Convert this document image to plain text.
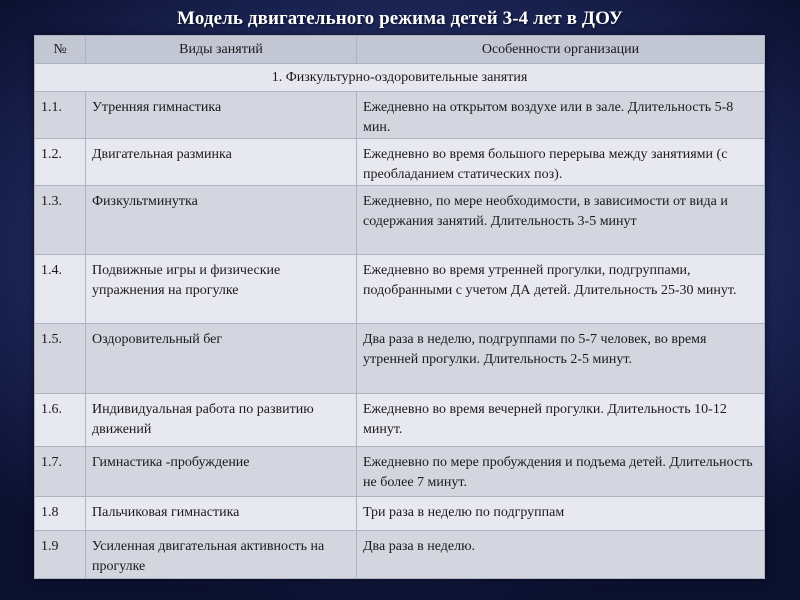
Модель двигательного режима детей 3-4 лет в ДОУ
№	Виды занятий	Особенности организации
1. Физкультурно-оздоровительные занятия		
1.1.	Утренняя гимнастика	Ежедневно на открытом воздухе или в зале. Длительность 5-8 мин.
1.2.	Двигательная разминка	Ежедневно во время большого перерыва между занятиями (с преобладанием статических поз).
1.3.	Физкультминутка	Ежедневно, по мере необходимости, в зависимости от вида и содержания занятий. Длительность 3-5 минут
1.4.	Подвижные игры и физические упражнения на прогулке	Ежедневно во время утренней прогулки, подгруппами, подобранными с учетом ДА детей. Длительность 25-30 минут.
1.5.	Оздоровительный бег	Два раза в неделю, подгруппами по 5-7 человек, во время утренней прогулки. Длительность 2-5 минут.
1.6.	Индивидуальная работа по развитию движений	Ежедневно во время вечерней прогулки. Длительность 10-12 минут.
1.7.	Гимнастика -пробуждение	Ежедневно по мере пробуждения и подъема детей. Длительность не более 7 минут.
1.8	Пальчиковая гимнастика	Три раза в неделю по подгруппам
1.9	Усиленная двигательная активность на прогулке	Два раза в неделю.
